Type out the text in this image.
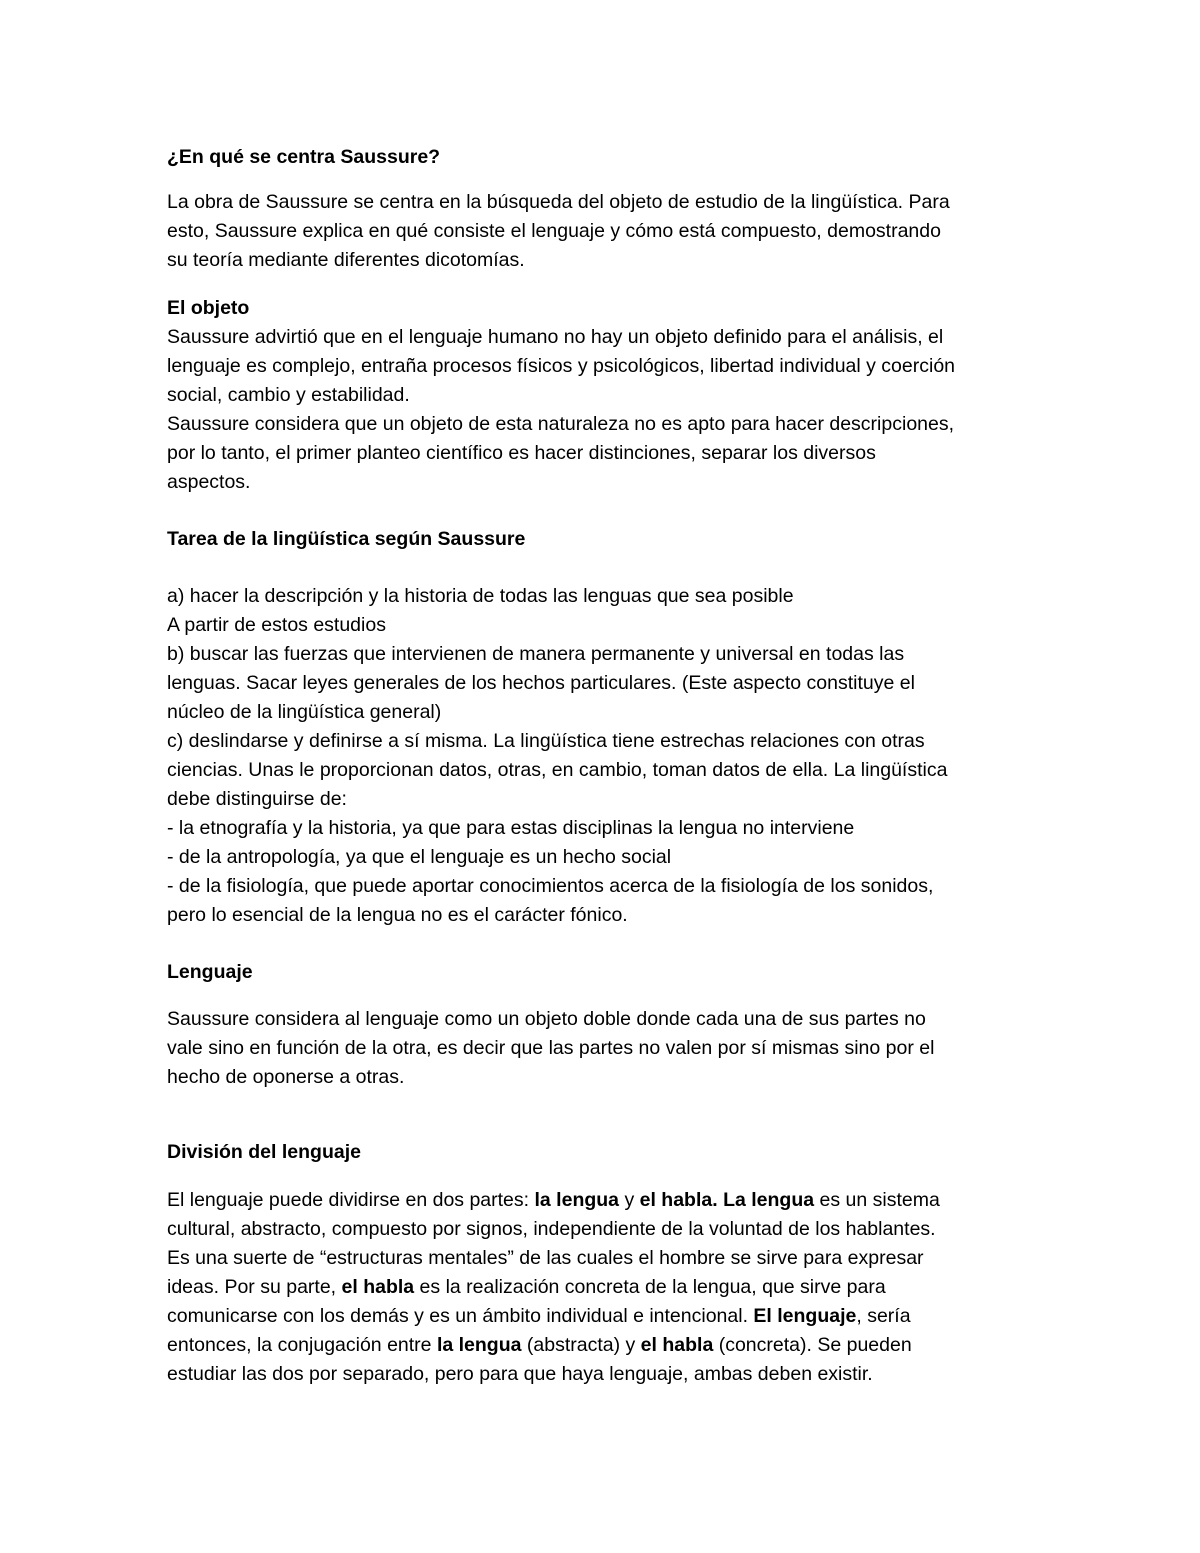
¿En qué se centra Saussure?
La obra de Saussure se centra en la búsqueda del objeto de estudio de la lingüística. Para
esto, Saussure explica en qué consiste el lenguaje y cómo está compuesto, demostrando
su teoría mediante diferentes dicotomías.
El objeto
Saussure advirtió que en el lenguaje humano no hay un objeto definido para el análisis, el
lenguaje es complejo, entraña procesos físicos y psicológicos, libertad individual y coerción
social, cambio y estabilidad.
Saussure considera que un objeto de esta naturaleza no es apto para hacer descripciones,
por lo tanto, el primer planteo científico es hacer distinciones, separar los diversos
aspectos.
Tarea de la lingüística según Saussure
a) hacer la descripción y la historia de todas las lenguas que sea posible
A partir de estos estudios
b) buscar las fuerzas que intervienen de manera permanente y universal en todas las
lenguas. Sacar leyes generales de los hechos particulares. (Este aspecto constituye el
núcleo de la lingüística general)
c) deslindarse y definirse a sí misma. La lingüística tiene estrechas relaciones con otras
ciencias. Unas le proporcionan datos, otras, en cambio, toman datos de ella. La lingüística
debe distinguirse de:
- la etnografía y la historia, ya que para estas disciplinas la lengua no interviene
- de la antropología, ya que el lenguaje es un hecho social
- de la fisiología, que puede aportar conocimientos acerca de la fisiología de los sonidos,
pero lo esencial de la lengua no es el carácter fónico.
Lenguaje
Saussure considera al lenguaje como un objeto doble donde cada una de sus partes no
vale sino en función de la otra, es decir que las partes no valen por sí mismas sino por el
hecho de oponerse a otras.
División del lenguaje
El lenguaje puede dividirse en dos partes: la lengua y el habla. La lengua es un sistema
cultural, abstracto, compuesto por signos, independiente de la voluntad de los hablantes.
Es una suerte de “estructuras mentales” de las cuales el hombre se sirve para expresar
ideas. Por su parte, el habla es la realización concreta de la lengua, que sirve para
comunicarse con los demás y es un ámbito individual e intencional. El lenguaje, sería
entonces, la conjugación entre la lengua (abstracta) y el habla (concreta). Se pueden
estudiar las dos por separado, pero para que haya lenguaje, ambas deben existir.
